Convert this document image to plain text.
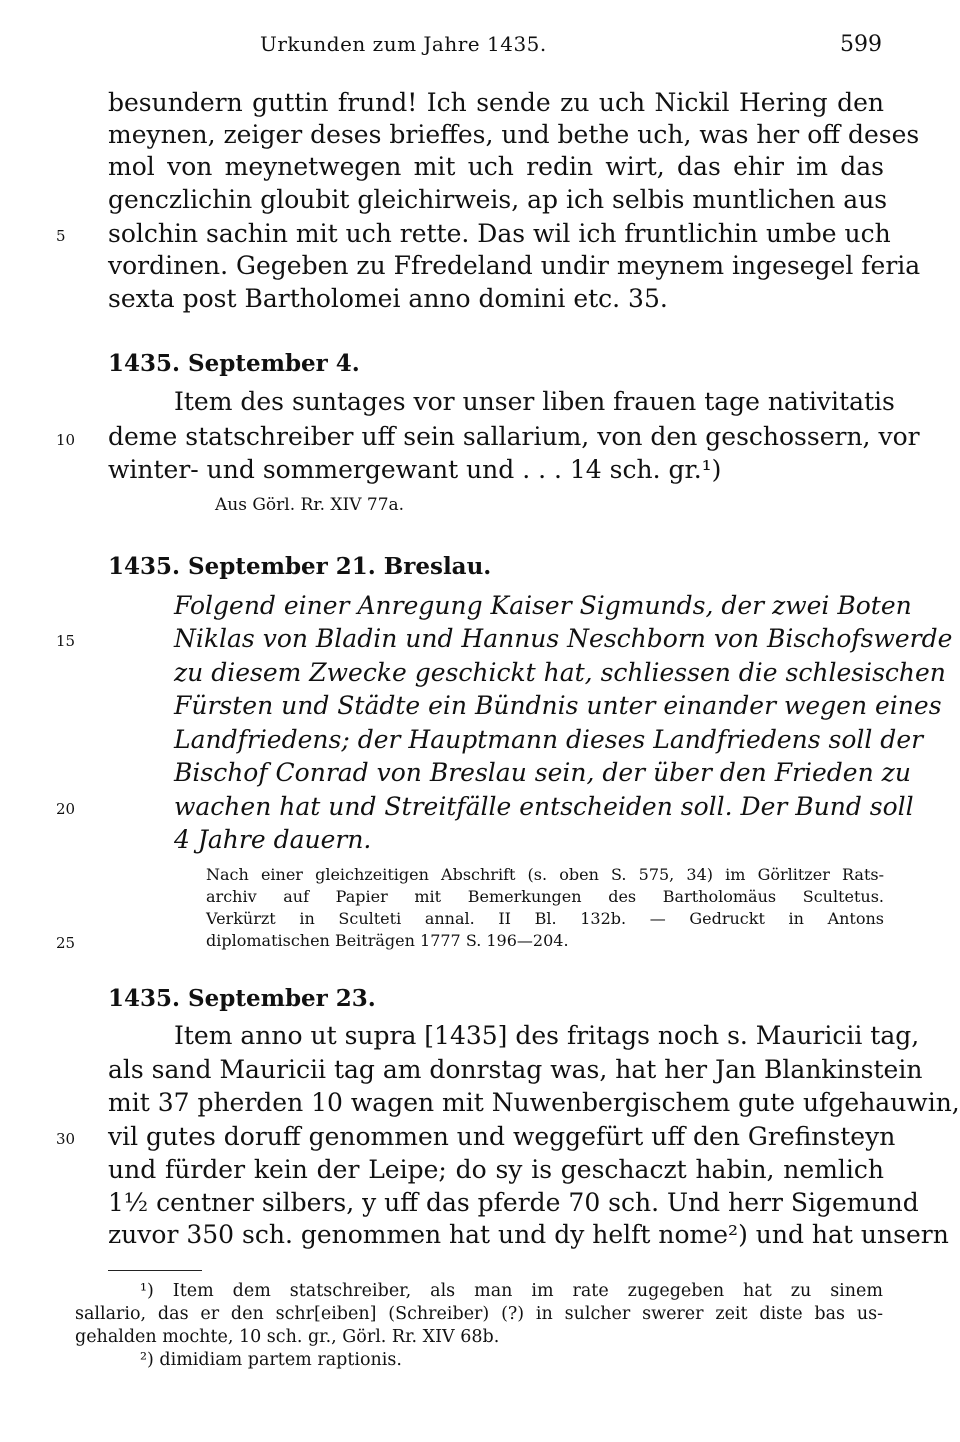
Urkunden zum Jahre 1435.	599
besundern guttin frund! Ich sende zu uch Nickil Hering den
meynen, zeiger deses brieffes, und bethe uch, was her off deses
mol von meynetwegen mit uch redin wirt, das ehir im das
genczlichin gloubit gleichirweis, ap ich selbis muntlichen aus
solchin sachin mit uch rette. Das wil ich fruntlichin umbe uch
vordinen. Gegeben zu Ffredeland undir meynem ingesegel feria
sexta post Bartholomei anno domini etc. 35.
5
1435. September 4.
Item des suntages vor unser liben frauen tage nativitatis
deme statschreiber uff sein sallarium, von den geschossern, vor
winter- und sommergewant und . . . 14 sch. gr.¹)
10
Aus Görl. Rr. XIV 77a.
1435. September 21. Breslau.
Folgend einer Anregung Kaiser Sigmunds, der zwei Boten
Niklas von Bladin und Hannus Neschborn von Bischofswerde
zu diesem Zwecke geschickt hat, schliessen die schlesischen
Fürsten und Städte ein Bündnis unter einander wegen eines
Landfriedens; der Hauptmann dieses Landfriedens soll der
Bischof Conrad von Breslau sein, der über den Frieden zu
wachen hat und Streitfälle entscheiden soll. Der Bund soll
4 Jahre dauern.
15
20
Nach einer gleichzeitigen Abschrift (s. oben S. 575, 34) im Görlitzer Rats-
archiv auf Papier mit Bemerkungen des Bartholomäus Scultetus.
Verkürzt in Sculteti annal. II Bl. 132b. — Gedruckt in Antons
diplomatischen Beiträgen 1777 S. 196—204.
25
1435. September 23.
Item anno ut supra [1435] des fritags noch s. Mauricii tag,
als sand Mauricii tag am donrstag was, hat her Jan Blankinstein
mit 37 pherden 10 wagen mit Nuwenbergischem gute ufgehauwin,
vil gutes doruff genommen und weggefürt uff den Grefinsteyn
und fürder kein der Leipe; do sy is geschaczt habin, nemlich
1½ centner silbers, y uff das pferde 70 sch. Und herr Sigemund
zuvor 350 sch. genommen hat und dy helft nome²) und hat unsern
30
¹) Item dem statschreiber, als man im rate zugegeben hat zu sinem
sallario, das er den schr[eiben] (Schreiber) (?) in sulcher swerer zeit diste bas us-
gehalden mochte, 10 sch. gr., Görl. Rr. XIV 68b.
²) dimidiam partem raptionis.
